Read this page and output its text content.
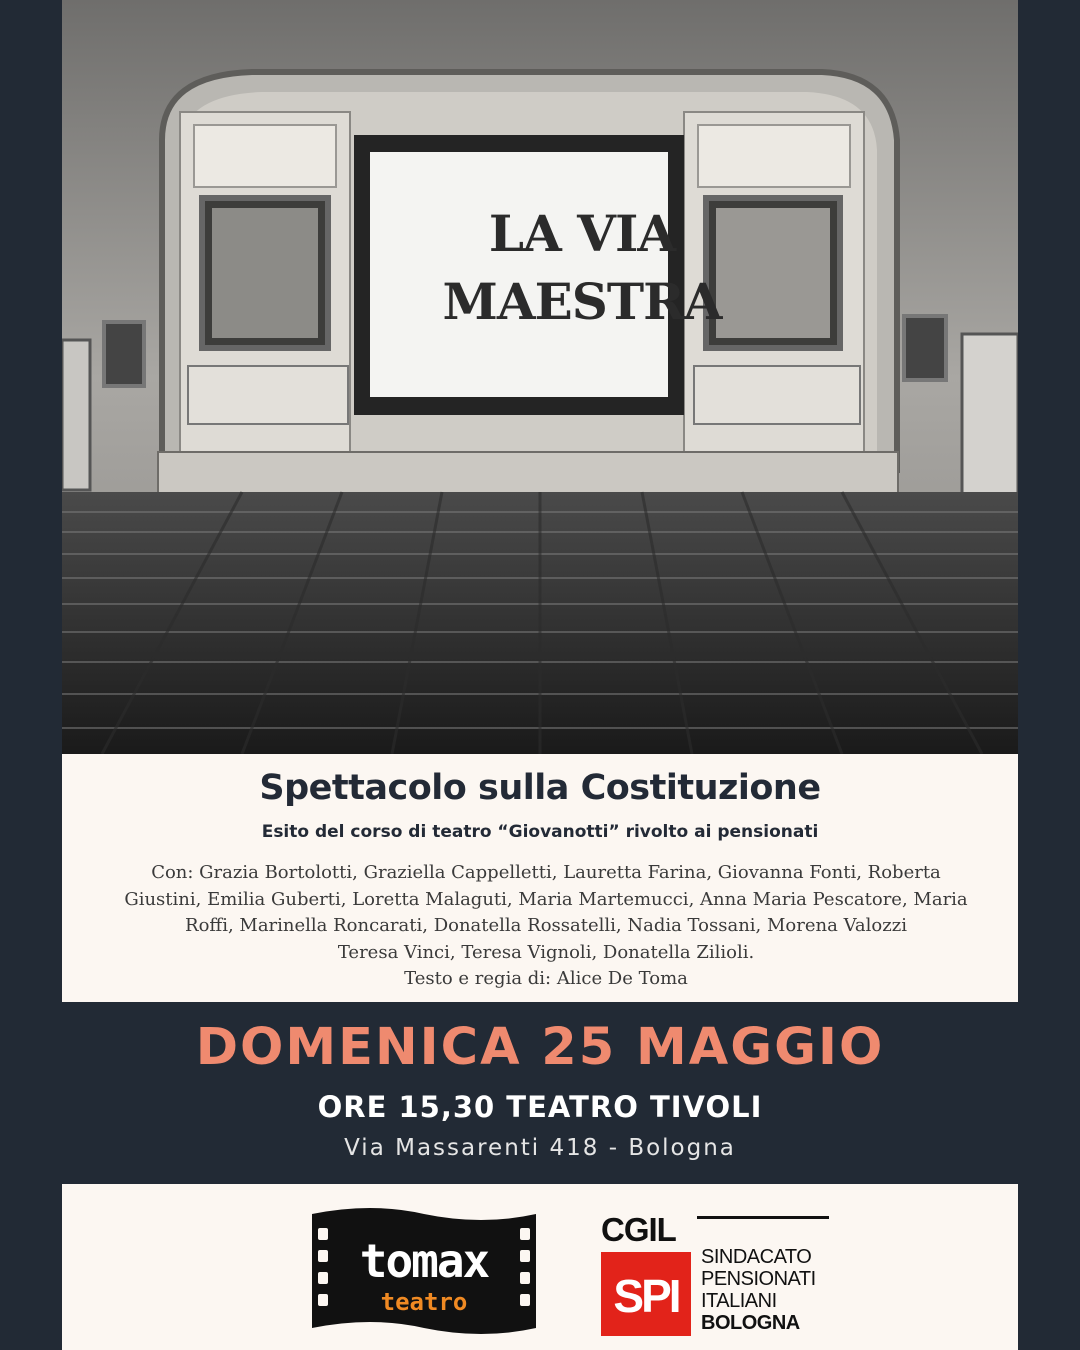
LA VIA
MAESTRA
Spettacolo sulla Costituzione
Esito del corso di teatro “Giovanotti” rivolto ai pensionati
Con: Grazia Bortolotti, Graziella Cappelletti, Lauretta Farina, Giovanna Fonti, Roberta
Giustini, Emilia Guberti, Loretta Malaguti, Maria Martemucci, Anna Maria Pescatore, Maria
Roffi, Marinella Roncarati, Donatella Rossatelli, Nadia Tossani, Morena Valozzi
Teresa Vinci, Teresa Vignoli, Donatella Zilioli.
Testo e regia di: Alice De Toma
DOMENICA 25 MAGGIO
ORE 15,30 TEATRO TIVOLI
Via Massarenti 418 - Bologna
tomax
teatro
CGIL
SPI
SINDACATO
PENSIONATI
ITALIANI
BOLOGNA
